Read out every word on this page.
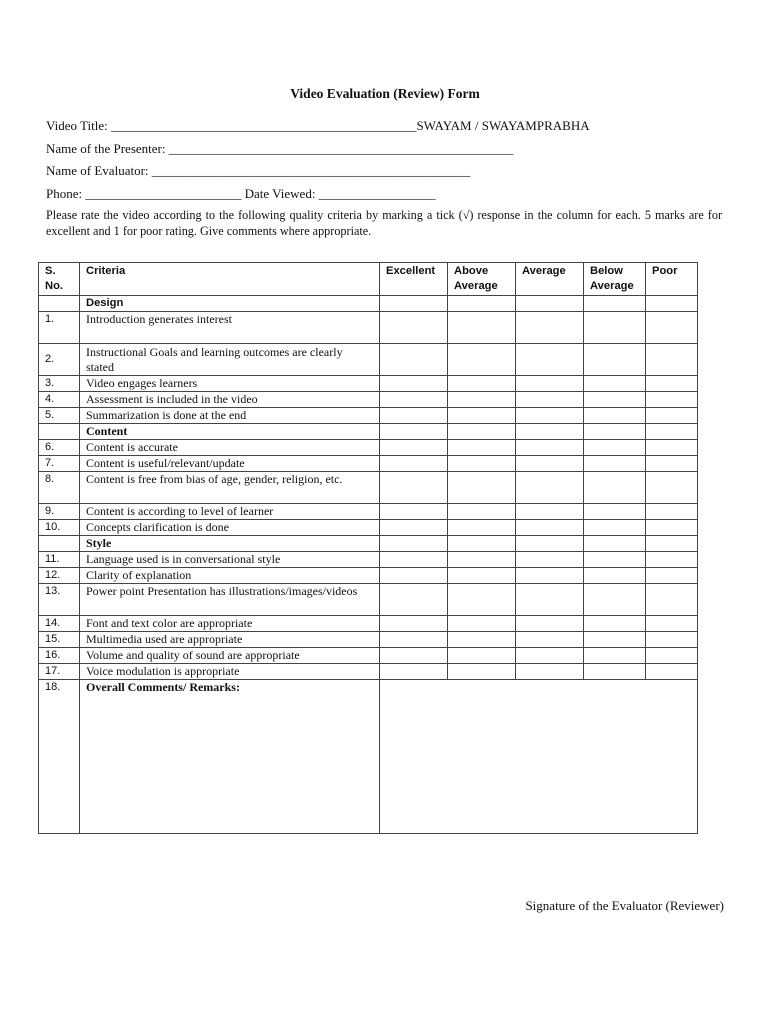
Video Evaluation (Review) Form
Video Title: _______________________________________________SWAYAM / SWAYAMPRABHA
Name of the Presenter: _____________________________________________________
Name of Evaluator: _________________________________________________
Phone: ________________________ Date Viewed: __________________
Please rate the video according to the following quality criteria by marking a tick (√) response in the column for each. 5 marks are for excellent and 1 for poor rating. Give comments where appropriate.
S. No.	Criteria	Excellent	Above Average	Average	Below Average	Poor
	Design					
1.	Introduction generates interest					
2.	Instructional Goals and learning outcomes are clearly stated					
3.	Video engages learners					
4.	Assessment is included in the video					
5.	Summarization is done at the end					
	Content					
6.	Content is accurate					
7.	Content is useful/relevant/update					
8.	Content is free from bias of age, gender, religion, etc.					
9.	Content is according to level of learner					
10.	Concepts clarification is done					
	Style					
11.	Language used is in conversational style					
12.	Clarity of explanation					
13.	Power point Presentation has illustrations/images/videos					
14.	Font and text color are appropriate					
15.	Multimedia used are appropriate					
16.	Volume and quality of sound are appropriate					
17.	Voice modulation is appropriate					
18.	Overall Comments/ Remarks:					
Signature of the Evaluator (Reviewer)
